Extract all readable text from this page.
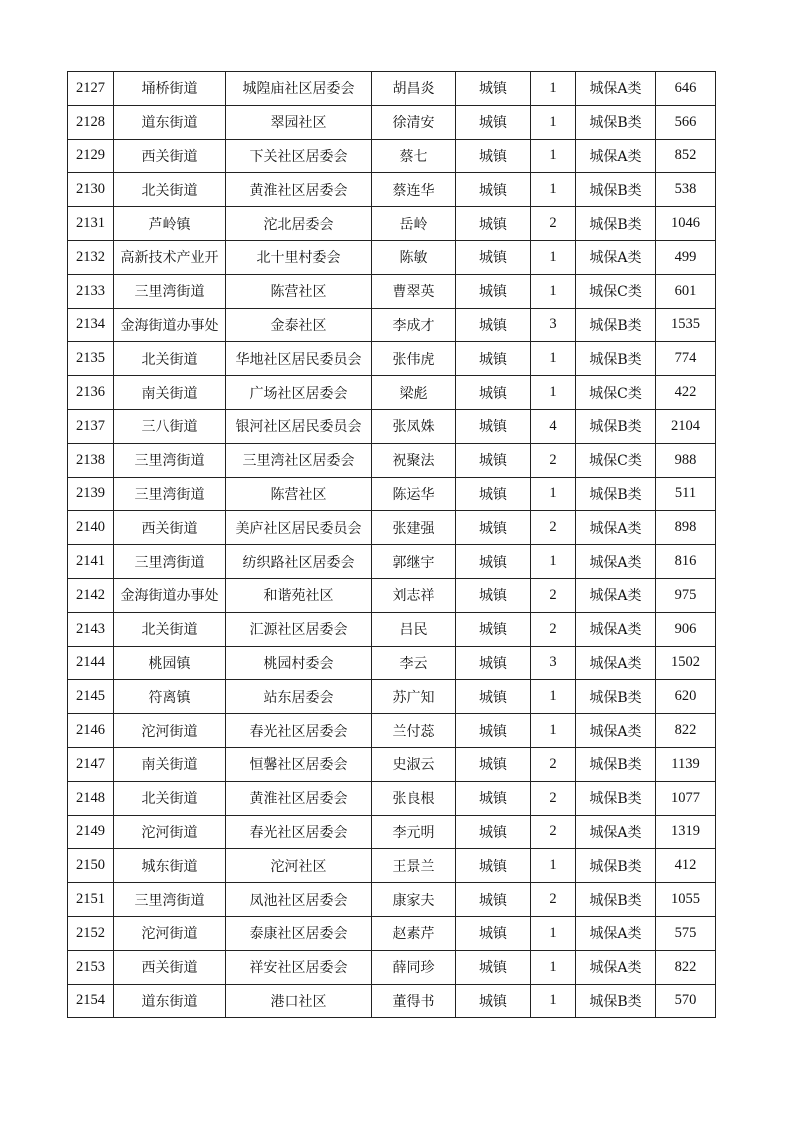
2127	埇桥街道	城隍庙社区居委会	胡昌炎	城镇	1	城保A类	646
2128	道东街道	翠园社区	徐清安	城镇	1	城保B类	566
2129	西关街道	下关社区居委会	蔡七	城镇	1	城保A类	852
2130	北关街道	黄淮社区居委会	蔡连华	城镇	1	城保B类	538
2131	芦岭镇	沱北居委会	岳岭	城镇	2	城保B类	1046
2132	高新技术产业开	北十里村委会	陈敏	城镇	1	城保A类	499
2133	三里湾街道	陈营社区	曹翠英	城镇	1	城保C类	601
2134	金海街道办事处	金泰社区	李成才	城镇	3	城保B类	1535
2135	北关街道	华地社区居民委员会	张伟虎	城镇	1	城保B类	774
2136	南关街道	广场社区居委会	梁彪	城镇	1	城保C类	422
2137	三八街道	银河社区居民委员会	张凤姝	城镇	4	城保B类	2104
2138	三里湾街道	三里湾社区居委会	祝聚法	城镇	2	城保C类	988
2139	三里湾街道	陈营社区	陈运华	城镇	1	城保B类	511
2140	西关街道	美庐社区居民委员会	张建强	城镇	2	城保A类	898
2141	三里湾街道	纺织路社区居委会	郭继宇	城镇	1	城保A类	816
2142	金海街道办事处	和谐苑社区	刘志祥	城镇	2	城保A类	975
2143	北关街道	汇源社区居委会	吕民	城镇	2	城保A类	906
2144	桃园镇	桃园村委会	李云	城镇	3	城保A类	1502
2145	符离镇	站东居委会	苏广知	城镇	1	城保B类	620
2146	沱河街道	春光社区居委会	兰付蕊	城镇	1	城保A类	822
2147	南关街道	恒馨社区居委会	史淑云	城镇	2	城保B类	1139
2148	北关街道	黄淮社区居委会	张良根	城镇	2	城保B类	1077
2149	沱河街道	春光社区居委会	李元明	城镇	2	城保A类	1319
2150	城东街道	沱河社区	王景兰	城镇	1	城保B类	412
2151	三里湾街道	凤池社区居委会	康家夫	城镇	2	城保B类	1055
2152	沱河街道	泰康社区居委会	赵素芹	城镇	1	城保A类	575
2153	西关街道	祥安社区居委会	薛同珍	城镇	1	城保A类	822
2154	道东街道	港口社区	董得书	城镇	1	城保B类	570
